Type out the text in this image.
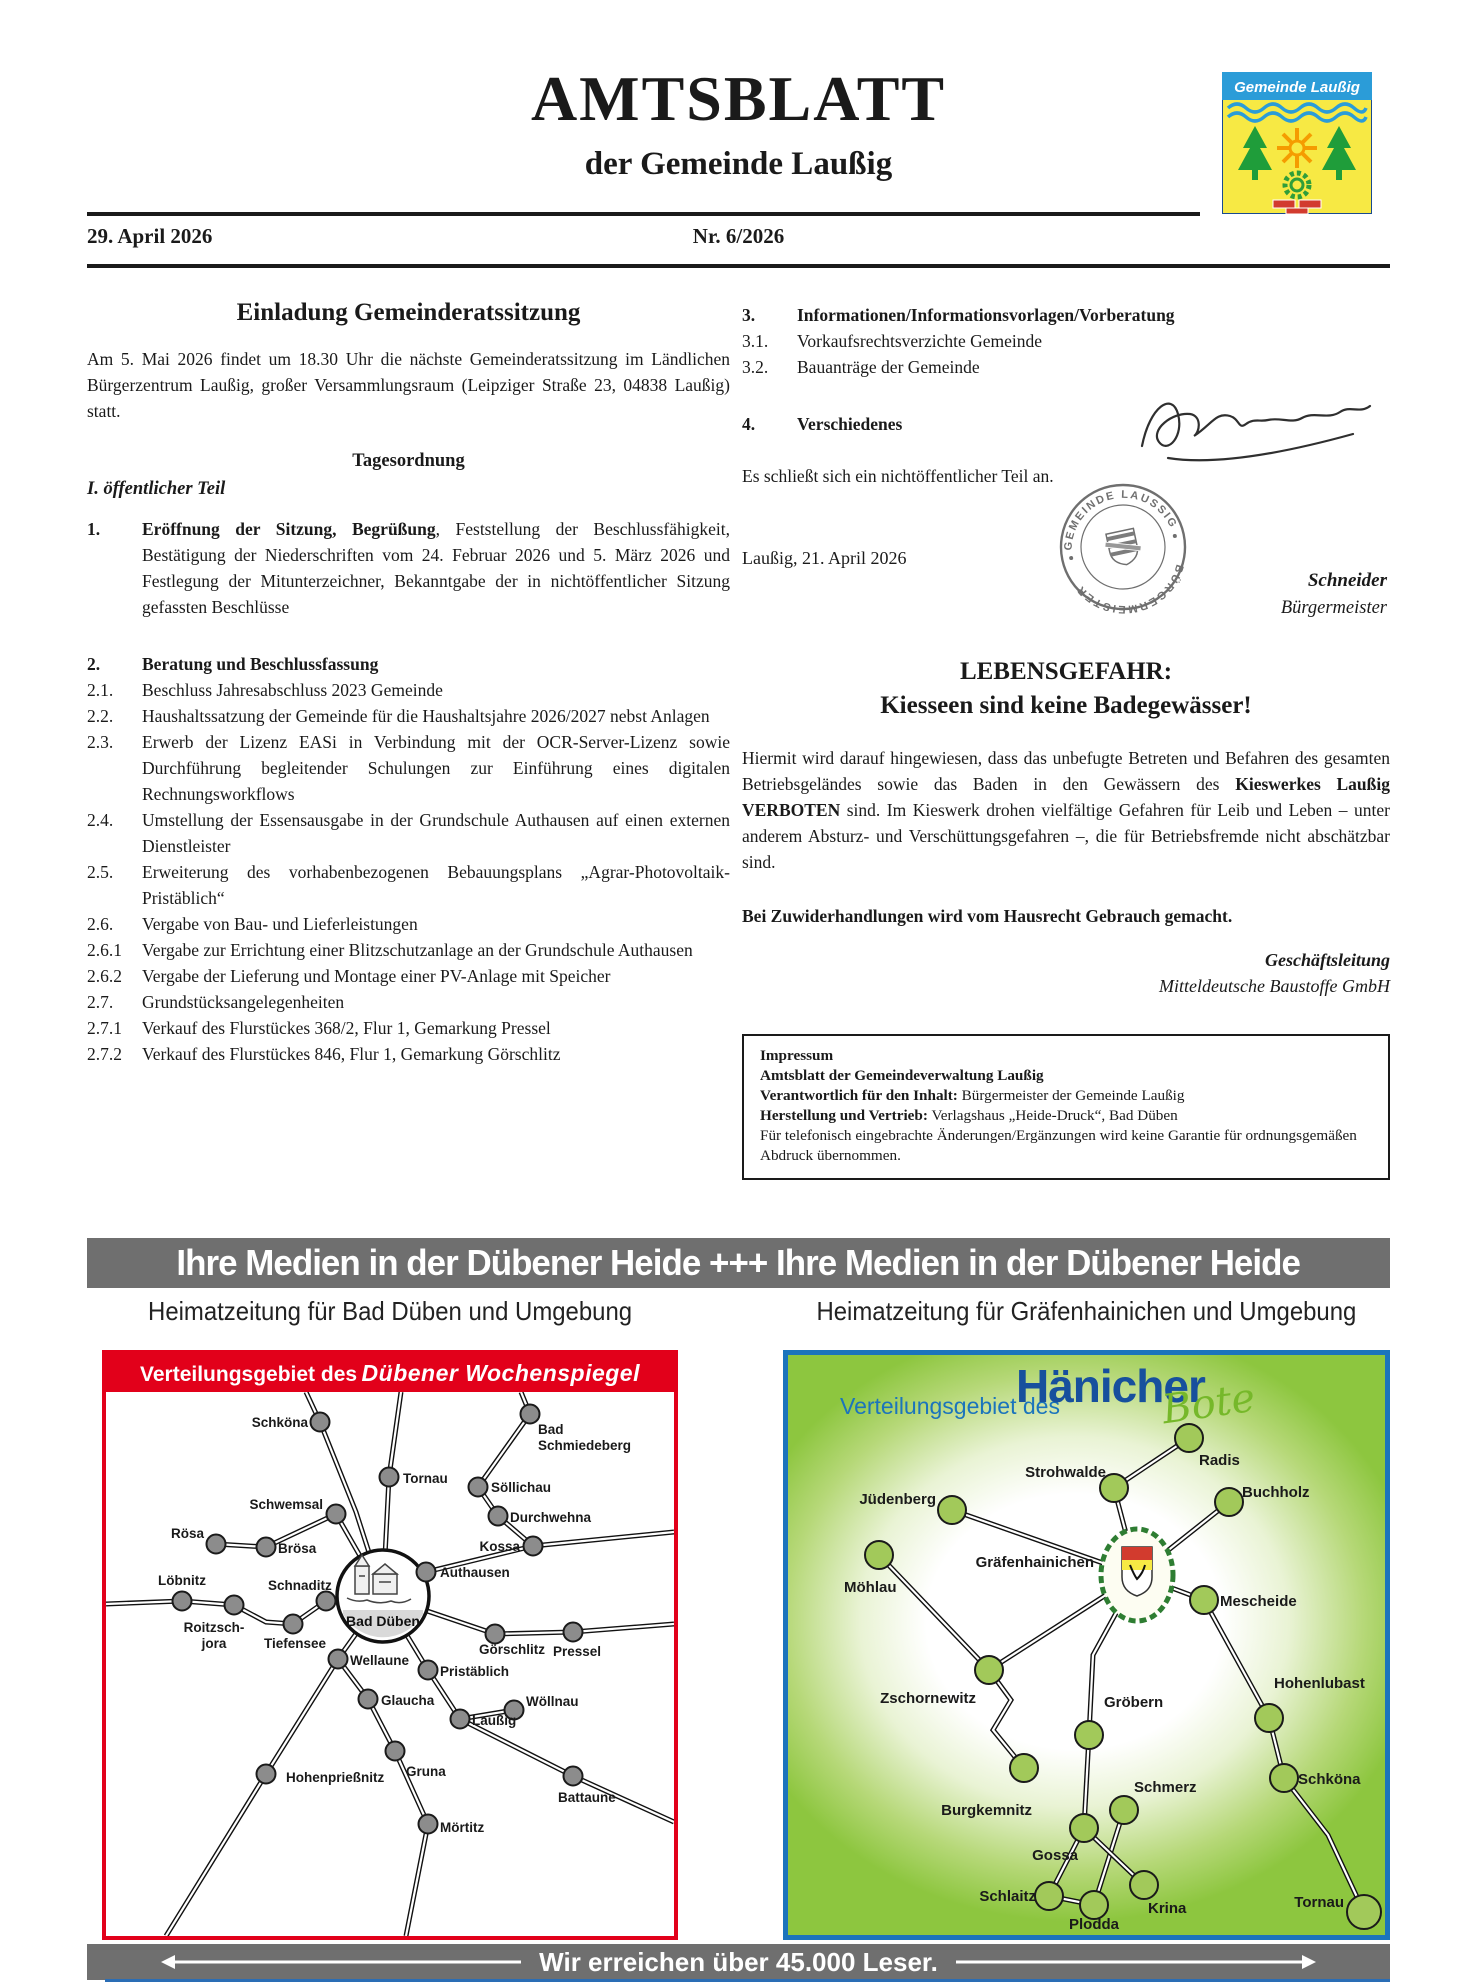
AMTSBLATT
der Gemeinde Laußig
Gemeinde Laußig
29. April 2026	Nr. 6/2026
Einladung Gemeinderatssitzung

Am 5. Mai 2026 findet um 18.30 Uhr die nächste Gemeinderatssitzung im Ländlichen Bürgerzentrum Laußig, großer Versammlungsraum (Leipziger Straße 23, 04838 Laußig) statt.

Tagesordnung
I. öffentlicher Teil
1.	Eröffnung der Sitzung, Begrüßung, Feststellung der Beschlussfähigkeit, Bestätigung der Niederschriften vom 24. Februar 2026 und 5. März 2026 und Festlegung der Mitunterzeichner, Bekanntgabe der in nichtöffentlicher Sitzung gefassten Beschlüsse
2.	Beratung und Beschlussfassung
2.1.	Beschluss Jahresabschluss 2023 Gemeinde
2.2.	Haushaltssatzung der Gemeinde für die Haushaltsjahre 2026/2027 nebst Anlagen
2.3.	Erwerb der Lizenz EASi in Verbindung mit der OCR-Server-Lizenz sowie Durchführung begleitender Schulungen zur Einführung eines digitalen Rechnungsworkflows
2.4.	Umstellung der Essensausgabe in der Grundschule Authausen auf einen externen Dienstleister
2.5.	Erweiterung des vorhabenbezogenen Bebauungsplans „Agrar-Photovoltaik-Pristäblich“
2.6.	Vergabe von Bau- und Lieferleistungen
2.6.1	Vergabe zur Errichtung einer Blitzschutzanlage an der Grundschule Authausen
2.6.2	Vergabe der Lieferung und Montage einer PV-Anlage mit Speicher
2.7.	Grundstücksangelegenheiten
2.7.1	Verkauf des Flurstückes 368/2, Flur 1, Gemarkung Pressel
2.7.2	Verkauf des Flurstückes 846, Flur 1, Gemarkung Görschlitz
3.	Informationen/Informationsvorlagen/Vorberatung
3.1.	Vorkaufsrechtsverzichte Gemeinde
3.2.	Bauanträge der Gemeinde
4.	Verschiedenes

Es schließt sich ein nichtöffentlicher Teil an.

Laußig, 21. April 2026

LEBENSGEFAHR:
Kiesseen sind keine Badegewässer!

Hiermit wird darauf hingewiesen, dass das unbefugte Betreten und Befahren des gesamten Betriebsgeländes sowie das Baden in den Gewässern des Kieswerkes Laußig VERBOTEN sind. Im Kieswerk drohen vielfältige Gefahren für Leib und Leben – unter anderem Absturz- und Verschüttungsgefahren –, die für Betriebsfremde nicht abschätzbar sind.

Bei Zuwiderhandlungen wird vom Hausrecht Gebrauch gemacht.

Geschäftsleitung
Mitteldeutsche Baustoffe GmbH
GEMEINDE LAUSSIG
BÜRGERMEISTER	Schneider
Bürgermeister
Impressum
Amtsblatt der Gemeindeverwaltung Laußig
Verantwortlich für den Inhalt: Bürgermeister der Gemeinde Laußig
Herstellung und Vertrieb: Verlagshaus „Heide-Druck“, Bad Düben
Für telefonisch eingebrachte Änderungen/Ergänzungen wird keine Garantie für ordnungsgemäßen Abdruck übernommen.
Ihre Medien in der Dübener Heide +++ Ihre Medien in der Dübener Heide
Heimatzeitung für Bad Düben und Umgebung	Heimatzeitung für Gräfenhainichen und Umgebung
Verteilungsgebiet des Dübener Wochenspiegel
Bad Düben
Schköna	Bad
Schmiedeberg
Tornau
Söllichau
Durchwehna
Schwemsal
Rösa
Brösa	Kossa
Authausen
Löbnitz
Roitzsch-
jora
Schnaditz
Tiefensee
Wellaune
Görschlitz Pressel
Pristäblich
Glaucha
Laußig
Wöllnau
Hohenprießnitz Gruna
Mörtitz
Battaune
Gräfenhainichen
Radis
Strohwalde
Jüdenberg	Buchholz
Möhlau
Mescheide
Zschornewitz	Gröbern
Hohenlubast
Schköna
Burgkemnitz
Schmerz
Gossa
Schlaitz
Plodda
Krina	Tornau
Verteilungsgebiet des
Hänicher
Bote
Wir erreichen über 45.000 Leser.
